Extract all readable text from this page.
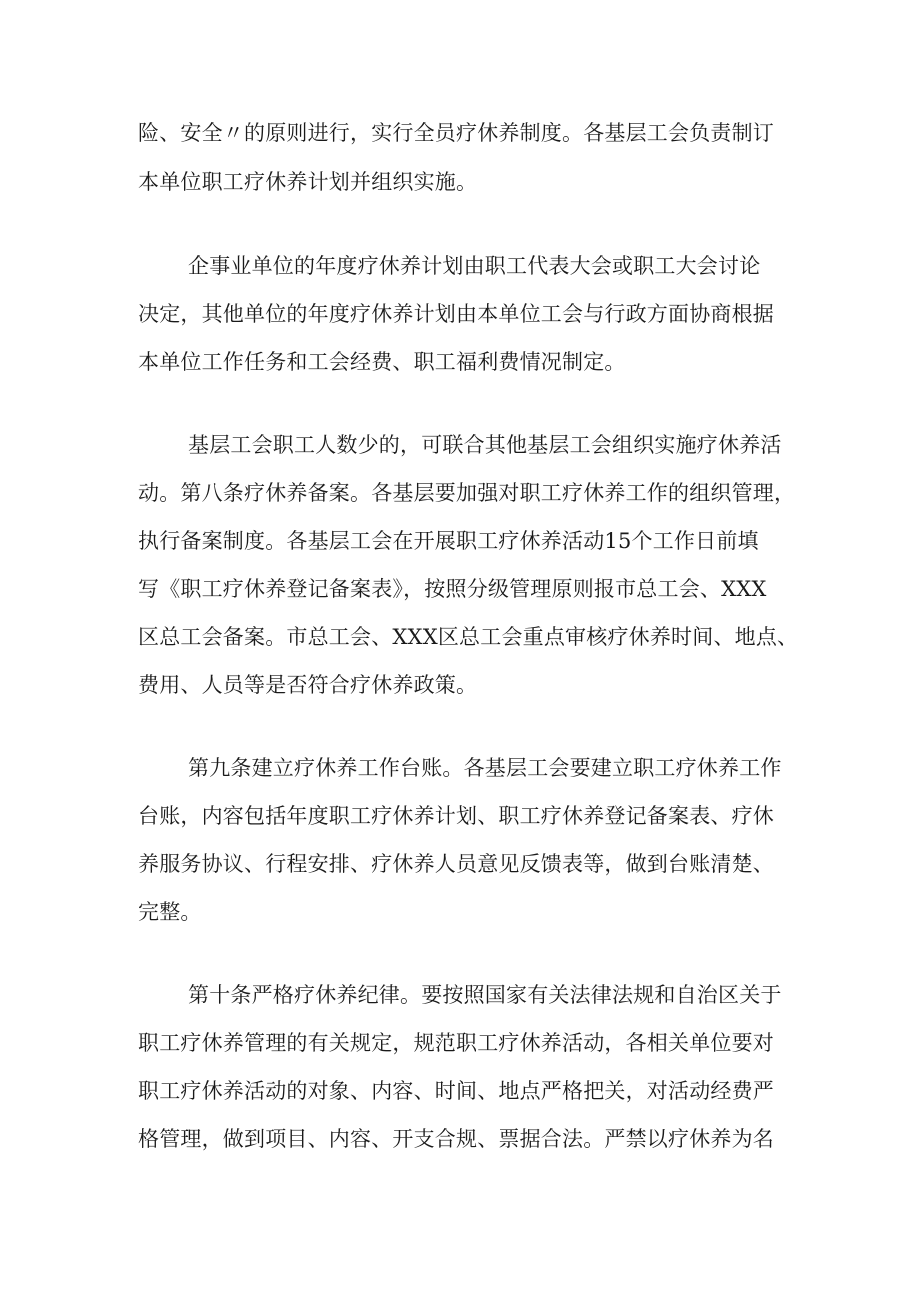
险、安全〃的原则进行，实行全员疗休养制度。各基层工会负责制订
本单位职工疗休养计划并组织实施。
企事业单位的年度疗休养计划由职工代表大会或职工大会讨论
决定，其他单位的年度疗休养计划由本单位工会与行政方面协商根据
本单位工作任务和工会经费、职工福利费情况制定。
基层工会职工人数少的，可联合其他基层工会组织实施疗休养活
动。第八条疗休养备案。各基层要加强对职工疗休养工作的组织管理，
执行备案制度。各基层工会在开展职工疗休养活动15个工作日前填
写《职工疗休养登记备案表》，按照分级管理原则报市总工会、XXX
区总工会备案。市总工会、XXX区总工会重点审核疗休养时间、地点、
费用、人员等是否符合疗休养政策。
第九条建立疗休养工作台账。各基层工会要建立职工疗休养工作
台账，内容包括年度职工疗休养计划、职工疗休养登记备案表、疗休
养服务协议、行程安排、疗休养人员意见反馈表等，做到台账清楚、
完整。
第十条严格疗休养纪律。要按照国家有关法律法规和自治区关于
职工疗休养管理的有关规定，规范职工疗休养活动，各相关单位要对
职工疗休养活动的对象、内容、时间、地点严格把关，对活动经费严
格管理，做到项目、内容、开支合规、票据合法。严禁以疗休养为名
